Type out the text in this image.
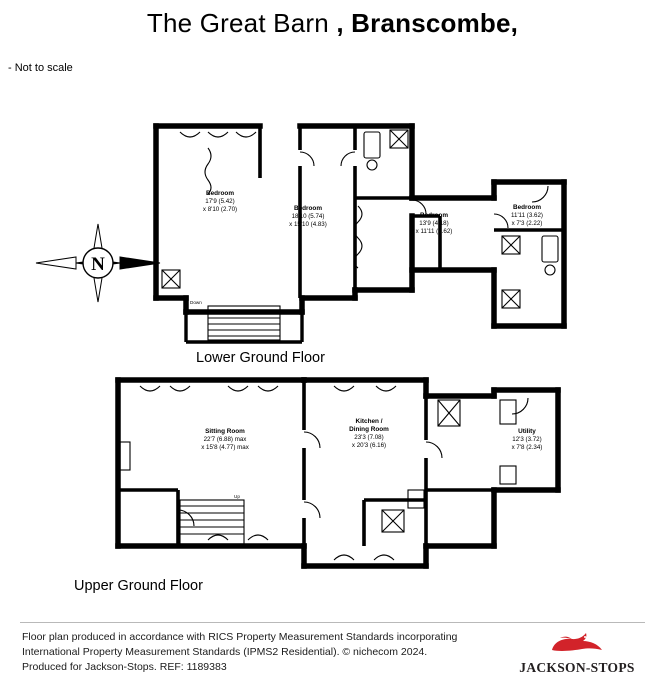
The Great Barn , Branscombe,
- Not to scale
N
Bedroom
17'9 (5.42)
x 8'10 (2.70)	Bedroom
18'10 (5.74)
x 15'10 (4.83)
Bedroom
13'9 (4.18)
x 11'11 (3.62)
Bedroom
11'11 (3.62)
x 7'3 (2.22)
Down
Sitting Room
22'7 (6.88) max
x 15'8 (4.77) max
Kitchen /
Dining Room
23'3 (7.08)
x 20'3 (6.16)
Utility
12'3 (3.72)
x 7'8 (2.34)
Up
Lower Ground Floor
Upper Ground Floor
Floor plan produced in accordance with RICS Property Measurement Standards incorporating
International Property Measurement Standards (IPMS2 Residential). © nichecom 2024.
Produced for Jackson-Stops. REF: 1189383	JACKSON-STOPS
